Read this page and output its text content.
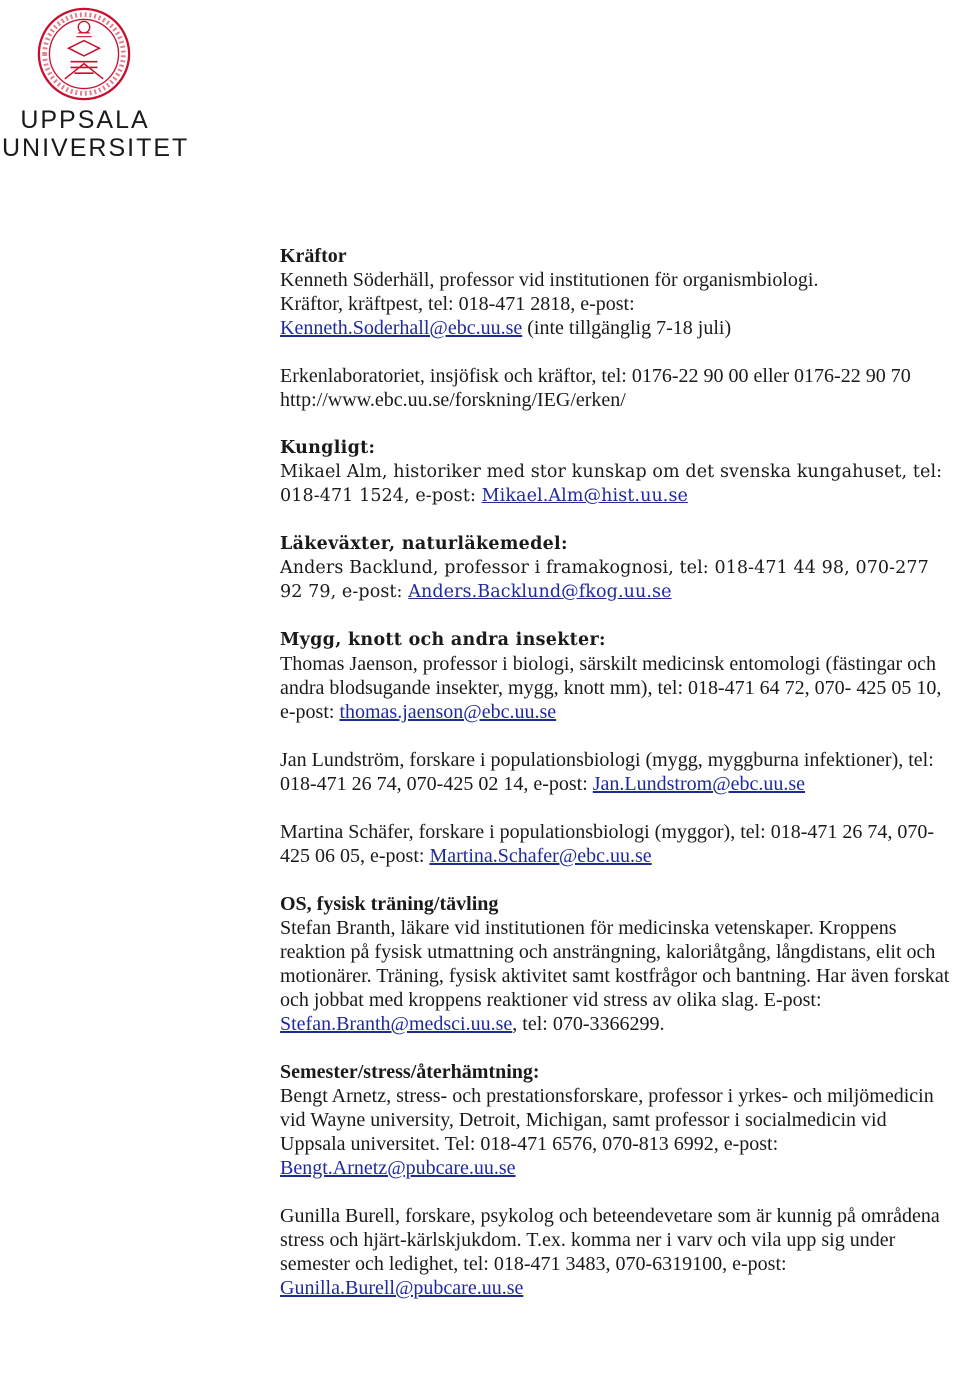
UPPSALA
UNIVERSITET

Kräftor

Kenneth Söderhäll, professor vid institutionen för organismbiologi.
Kräftor, kräftpest, tel: 018-471 2818, e-post:
Kenneth.Soderhall@ebc.uu.se (inte tillgänglig 7-18 juli)

Erkenlaboratoriet, insjöfisk och kräftor, tel: 0176-22 90 00 eller 0176-22 90 70
http://www.ebc.uu.se/forskning/IEG/erken/

Kungligt:

Mikael Alm, historiker med stor kunskap om det svenska kungahuset, tel: 018-471 1524, e-post: Mikael.Alm@hist.uu.se

Läkeväxter, naturläkemedel:

Anders Backlund, professor i framakognosi, tel: 018-471 44 98, 070-277 92 79, e-post: Anders.Backlund@fkog.uu.se

Mygg, knott och andra insekter:

Thomas Jaenson, professor i biologi, särskilt medicinsk entomologi (fästingar och andra blodsugande insekter, mygg, knott mm), tel: 018-471 64 72, 070- 425 05 10, e-post: thomas.jaenson@ebc.uu.se

Jan Lundström, forskare i populationsbiologi (mygg, myggburna infektioner), tel: 018-471 26 74, 070-425 02 14, e-post: Jan.Lundstrom@ebc.uu.se

Martina Schäfer, forskare i populationsbiologi (myggor), tel: 018-471 26 74, 070-425 06 05, e-post: Martina.Schafer@ebc.uu.se

OS, fysisk träning/tävling

Stefan Branth, läkare vid institutionen för medicinska vetenskaper. Kroppens reaktion på fysisk utmattning och ansträngning, kaloriåtgång, långdistans, elit och motionärer. Träning, fysisk aktivitet samt kostfrågor och bantning. Har även forskat och jobbat med kroppens reaktioner vid stress av olika slag. E-post: Stefan.Branth@medsci.uu.se, tel: 070-3366299.

Semester/stress/återhämtning:

Bengt Arnetz, stress- och prestationsforskare, professor i yrkes- och miljömedicin vid Wayne university, Detroit, Michigan, samt professor i socialmedicin vid Uppsala universitet. Tel: 018-471 6576, 070-813 6992, e-post: Bengt.Arnetz@pubcare.uu.se

Gunilla Burell, forskare, psykolog och beteendevetare som är kunnig på områdena stress och hjärt-kärlskjukdom. T.ex. komma ner i varv och vila upp sig under semester och ledighet, tel: 018-471 3483, 070-6319100, e-post: Gunilla.Burell@pubcare.uu.se
